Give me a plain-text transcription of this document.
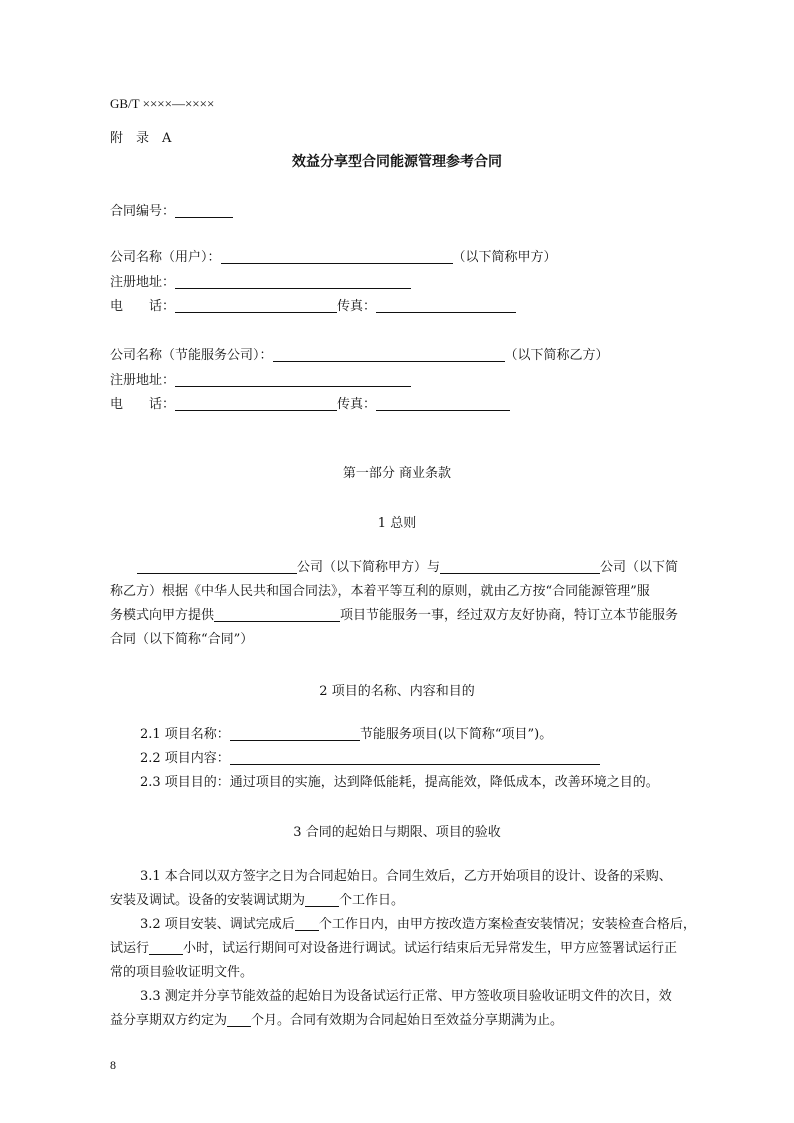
GB/T ××××—××××
附　录　A
效益分享型合同能源管理参考合同
合同编号：
公司名称（用户）：	（以下简称甲方）
注册地址：
电　　话：	传真：
公司名称（节能服务公司）：	（以下简称乙方）
注册地址：
电　　话：	传真：
第一部分 商业条款
1 总则
公司（以下简称甲方）与	公司（以下简
称乙方）根据《中华人民共和国合同法》，本着平等互利的原则，就由乙方按“合同能源管理”服
务模式向甲方提供	项目节能服务一事，经过双方友好协商，特订立本节能服务
合同（以下简称“合同”）
2 项目的名称、内容和目的
2.1 项目名称：	节能服务项目(以下简称“项目”)。
2.2 项目内容：
2.3 项目目的：通过项目的实施，达到降低能耗，提高能效，降低成本，改善环境之目的。
3 合同的起始日与期限、项目的验收
3.1 本合同以双方签字之日为合同起始日。合同生效后，乙方开始项目的设计、设备的采购、
安装及调试。设备的安装调试期为	个工作日。
3.2 项目安装、调试完成后 个工作日内，由甲方按改造方案检查安装情况；安装检查合格后，
试运行	小时，试运行期间可对设备进行调试。试运行结束后无异常发生，甲方应签署试运行正
常的项目验收证明文件。
3.3 测定并分享节能效益的起始日为设备试运行正常、甲方签收项目验收证明文件的次日，效
益分享期双方约定为 个月。合同有效期为合同起始日至效益分享期满为止。
8
